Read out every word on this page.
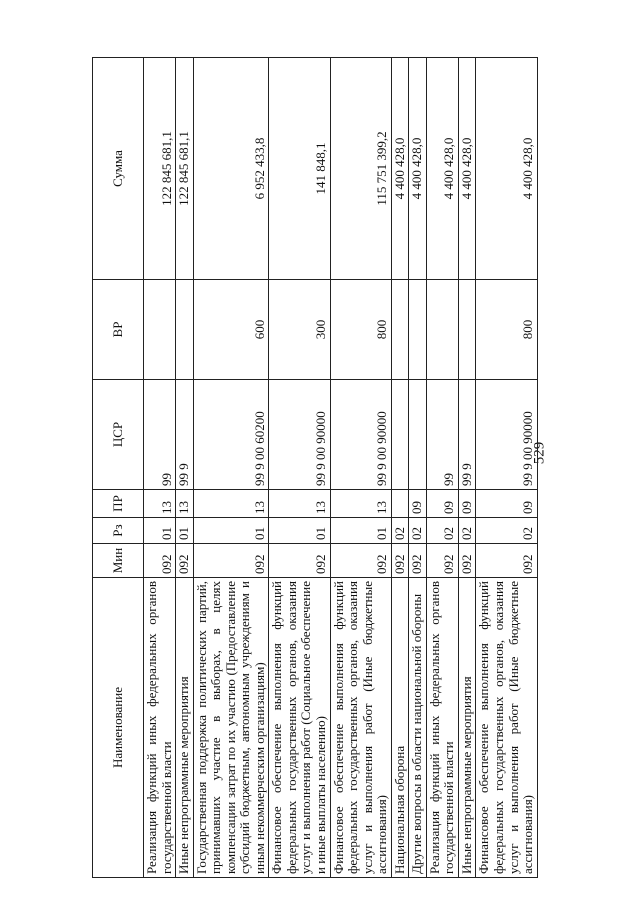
529
Наименование	Мин	Рз	ПР	ЦСР	ВР	Сумма
Реализация функций иных федеральных органов государственной власти	092	01	13	99		122 845 681,1
Иные непрограммные мероприятия	092	01	13	99 9		122 845 681,1
Государственная поддержка политических партий, принимавших участие в выборах, в целях компенсации затрат по их участию (Предоставление субсидий бюджетным, автономным учреждениям и иным некоммерческим организациям)	092	01	13	99 9 00 60200	600	6 952 433,8
Финансовое обеспечение выполнения функций федеральных государственных органов, оказания услуг и выполнения работ (Социальное обеспечение и иные выплаты населению)	092	01	13	99 9 00 90000	300	141 848,1
Финансовое обеспечение выполнения функций федеральных государственных органов, оказания услуг и выполнения работ (Иные бюджетные ассигнования)	092	01	13	99 9 00 90000	800	115 751 399,2
Национальная оборона	092	02				4 400 428,0
Другие вопросы в области национальной обороны	092	02	09			4 400 428,0
Реализация функций иных федеральных органов государственной власти	092	02	09	99		4 400 428,0
Иные непрограммные мероприятия	092	02	09	99 9		4 400 428,0
Финансовое обеспечение выполнения функций федеральных государственных органов, оказания услуг и выполнения работ (Иные бюджетные ассигнования)	092	02	09	99 9 00 90000	800	4 400 428,0
